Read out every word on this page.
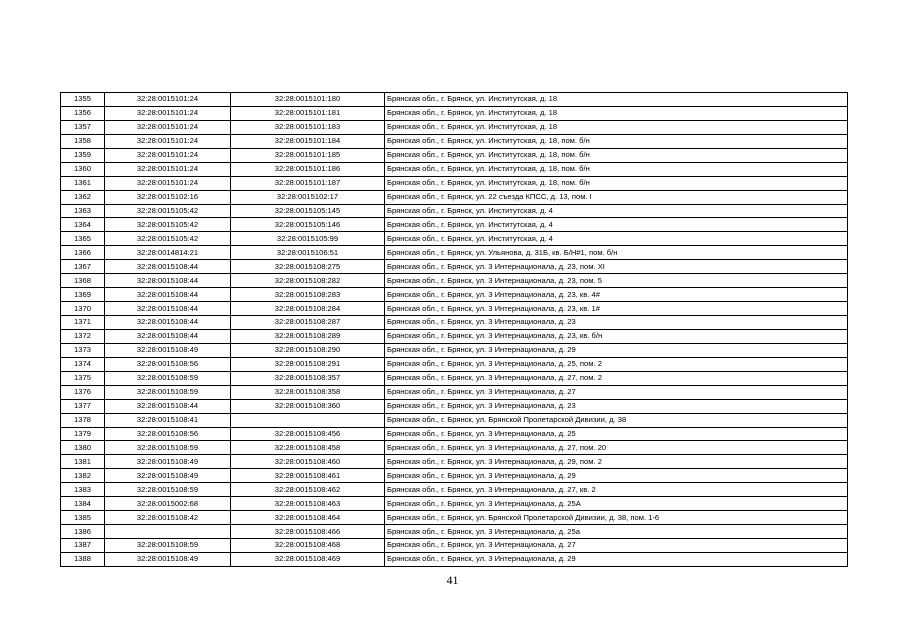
1355	32:28:0015101:24	32:28:0015101:180	Брянская обл., г. Брянск, ул. Институтская, д. 18
1356	32:28:0015101:24	32:28:0015101:181	Брянская обл., г. Брянск, ул. Институтская, д. 18
1357	32:28:0015101:24	32:28:0015101:183	Брянская обл., г. Брянск, ул. Институтская, д. 18
1358	32:28:0015101:24	32:28:0015101:184	Брянская обл., г. Брянск, ул. Институтская, д. 18, пом. б/н
1359	32:28:0015101:24	32:28:0015101:185	Брянская обл., г. Брянск, ул. Институтская, д. 18, пом. б/н
1360	32:28:0015101:24	32:28:0015101:186	Брянская обл., г. Брянск, ул. Институтская, д. 18, пом. б/н
1361	32:28:0015101:24	32:28:0015101:187	Брянская обл., г. Брянск, ул. Институтская, д. 18, пом. б/н
1362	32:28:0015102:16	32:28:0015102:17	Брянская обл., г. Брянск, ул. 22 съезда КПСС, д. 13, пом. I
1363	32:28:0015105:42	32:28:0015105:145	Брянская обл., г. Брянск, ул. Институтская, д. 4
1364	32:28:0015105:42	32:28:0015105:146	Брянская обл., г. Брянск, ул. Институтская, д. 4
1365	32:28:0015105:42	32:28:0015105:99	Брянская обл., г. Брянск, ул. Институтская, д. 4
1366	32:28:0014814:21	32:28:0015106:51	Брянская обл., г. Брянск, ул. Ульянова, д. 31Б, кв. Б/Н#1, пом. б/н
1367	32:28:0015108:44	32:28:0015108:275	Брянская обл., г. Брянск, ул. 3 Интернационала, д. 23, пом. XI
1368	32:28:0015108:44	32:28:0015108:282	Брянская обл., г. Брянск, ул. 3 Интернационала, д. 23, пом. 5
1369	32:28:0015108:44	32:28:0015108:283	Брянская обл., г. Брянск, ул. 3 Интернационала, д. 23, кв. 4#
1370	32:28:0015108:44	32:28:0015108:284	Брянская обл., г. Брянск, ул. 3 Интернационала, д. 23, кв. 1#
1371	32:28:0015108:44	32:28:0015108:287	Брянская обл., г. Брянск, ул. 3 Интернационала, д. 23
1372	32:28:0015108:44	32:28:0015108:289	Брянская обл., г. Брянск, ул. 3 Интернационала, д. 23, кв. б/н
1373	32:28:0015108:49	32:28:0015108:290	Брянская обл., г. Брянск, ул. 3 Интернационала, д. 29
1374	32:28:0015108:56	32:28:0015108:291	Брянская обл., г. Брянск, ул. 3 Интернационала, д. 25, пом. 2
1375	32:28:0015108:59	32:28:0015108:357	Брянская обл., г. Брянск, ул. 3 Интернационала, д. 27, пом. 2
1376	32:28:0015108:59	32:28:0015108:358	Брянская обл., г. Брянск, ул. 3 Интернационала, д. 27
1377	32:28:0015108:44	32:28:0015108:360	Брянская обл., г. Брянск, ул. 3 Интернационала, д. 23
1378	32:28:0015108:41		Брянская обл., г. Брянск, ул. Брянской Пролетарской Дивизии, д. 38
1379	32:28:0015108:56	32:28:0015108:456	Брянская обл., г. Брянск, ул. 3 Интернационала, д. 25
1380	32:28:0015108:59	32:28:0015108:458	Брянская обл., г. Брянск, ул. 3 Интернационала, д. 27, пом. 20
1381	32:28:0015108:49	32:28:0015108:460	Брянская обл., г. Брянск, ул. 3 Интернационала, д. 29, пом. 2
1382	32:28:0015108:49	32:28:0015108:461	Брянская обл., г. Брянск, ул. 3 Интернационала, д. 29
1383	32:28:0015108:59	32:28:0015108:462	Брянская обл., г. Брянск, ул. 3 Интернационала, д. 27, кв. 2
1384	32:28:0015002:68	32:28:0015108:463	Брянская обл., г. Брянск, ул. 3 Интернационала, д. 25А
1385	32:28:0015108:42	32:28:0015108:464	Брянская обл., г. Брянск, ул. Брянской Пролетарской Дивизии, д. 38, пом. 1-6
1386		32:28:0015108:466	Брянская обл., г. Брянск, ул. 3 Интернационала, д. 25а
1387	32:28:0015108:59	32:28:0015108:468	Брянская обл., г. Брянск, ул. 3 Интернационала, д. 27
1388	32:28:0015108:49	32:28:0015108:469	Брянская обл., г. Брянск, ул. 3 Интернационала, д. 29
41
